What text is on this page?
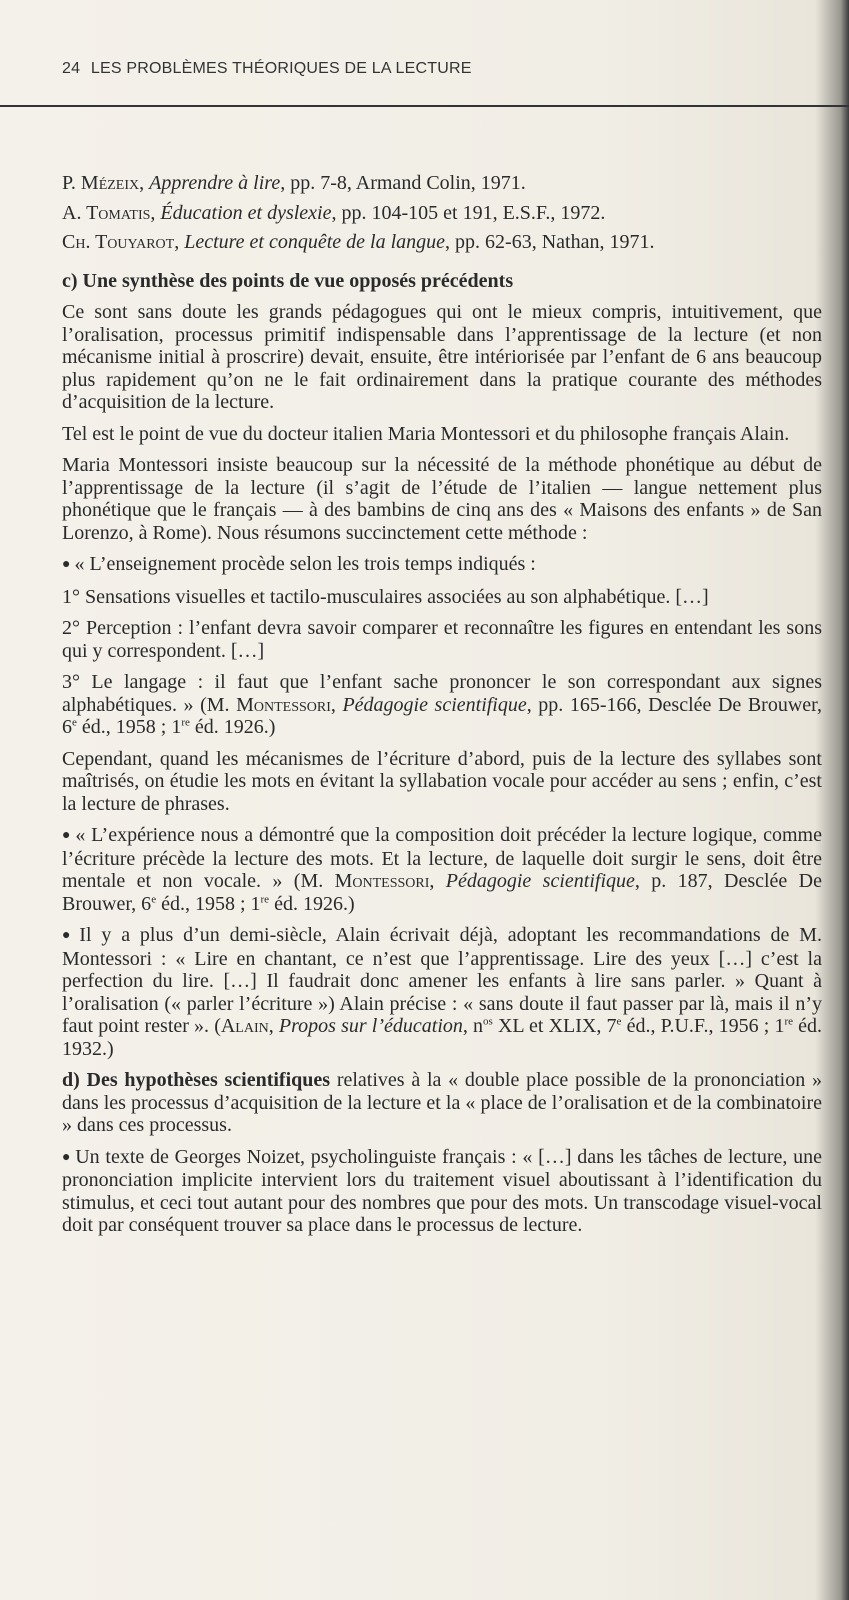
24 LES PROBLÈMES THÉORIQUES DE LA LECTURE

P. Mézeix, Apprendre à lire, pp. 7-8, Armand Colin, 1971.

A. Tomatis, Éducation et dyslexie, pp. 104-105 et 191, E.S.F., 1972.

Ch. Touyarot, Lecture et conquête de la langue, pp. 62-63, Nathan, 1971.

c) Une synthèse des points de vue opposés précédents

Ce sont sans doute les grands pédagogues qui ont le mieux compris, intuitivement, que l’oralisation, processus primitif indispensable dans l’apprentissage de la lecture (et non mécanisme initial à proscrire) devait, ensuite, être intériorisée par l’enfant de 6 ans beaucoup plus rapidement qu’on ne le fait ordinairement dans la pratique courante des méthodes d’acquisition de la lecture.

Tel est le point de vue du docteur italien Maria Montessori et du philosophe français Alain.

Maria Montessori insiste beaucoup sur la nécessité de la méthode phonétique au début de l’apprentissage de la lecture (il s’agit de l’étude de l’italien — langue nettement plus phonétique que le français — à des bambins de cinq ans des « Maisons des enfants » de San Lorenzo, à Rome). Nous résumons succinctement cette méthode :

● « L’enseignement procède selon les trois temps indiqués :

1° Sensations visuelles et tactilo-musculaires associées au son alphabétique. […]

2° Perception : l’enfant devra savoir comparer et reconnaître les figures en entendant les sons qui y correspondent. […]

3° Le langage : il faut que l’enfant sache prononcer le son correspondant aux signes alphabétiques. » (M. Montessori, Pédagogie scientifique, pp. 165-166, Desclée De Brouwer, 6e éd., 1958 ; 1re éd. 1926.)

Cependant, quand les mécanismes de l’écriture d’abord, puis de la lecture des syllabes sont maîtrisés, on étudie les mots en évitant la syllabation vocale pour accéder au sens ; enfin, c’est la lecture de phrases.

● « L’expérience nous a démontré que la composition doit précéder la lecture logique, comme l’écriture précède la lecture des mots. Et la lecture, de laquelle doit surgir le sens, doit être mentale et non vocale. » (M. Montessori, Pédagogie scientifique, p. 187, Desclée De Brouwer, 6e éd., 1958 ; 1re éd. 1926.)

● Il y a plus d’un demi-siècle, Alain écrivait déjà, adoptant les recommandations de M. Montessori : « Lire en chantant, ce n’est que l’apprentissage. Lire des yeux […] c’est la perfection du lire. […] Il faudrait donc amener les enfants à lire sans parler. » Quant à l’oralisation (« parler l’écriture ») Alain précise : « sans doute il faut passer par là, mais il n’y faut point rester ». (Alain, Propos sur l’éducation, $n^{os}$ XL et XLIX, 7e éd., P.U.F., 1956 ; 1re éd. 1932.)

d) Des hypothèses scientifiques relatives à la « double place possible de la prononciation » dans les processus d’acquisition de la lecture et la « place de l’oralisation et de la combinatoire » dans ces processus.

● Un texte de Georges Noizet, psycholinguiste français : « […] dans les tâches de lecture, une prononciation implicite intervient lors du traitement visuel aboutissant à l’identification du stimulus, et ceci tout autant pour des nombres que pour des mots. Un transcodage visuel-vocal doit par conséquent trouver sa place dans le processus de lecture.
